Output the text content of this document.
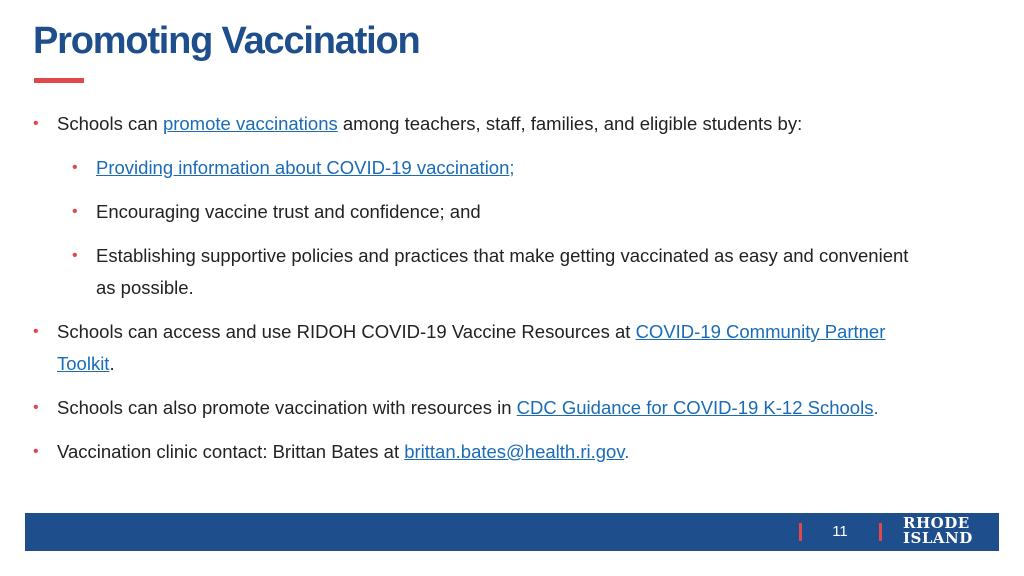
Promoting Vaccination
• Schools can promote vaccinations among teachers, staff, families, and eligible students by:
• Providing information about COVID-19 vaccination;
• Encouraging vaccine trust and confidence; and
• Establishing supportive policies and practices that make getting vaccinated as easy and convenient
as possible.
• Schools can access and use RIDOH COVID-19 Vaccine Resources at COVID-19 Community Partner
Toolkit.
• Schools can also promote vaccination with resources in CDC Guidance for COVID-19 K-12 Schools.
• Vaccination clinic contact: Brittan Bates at brittan.bates@health.ri.gov.
11	RHODE
ISLAND
